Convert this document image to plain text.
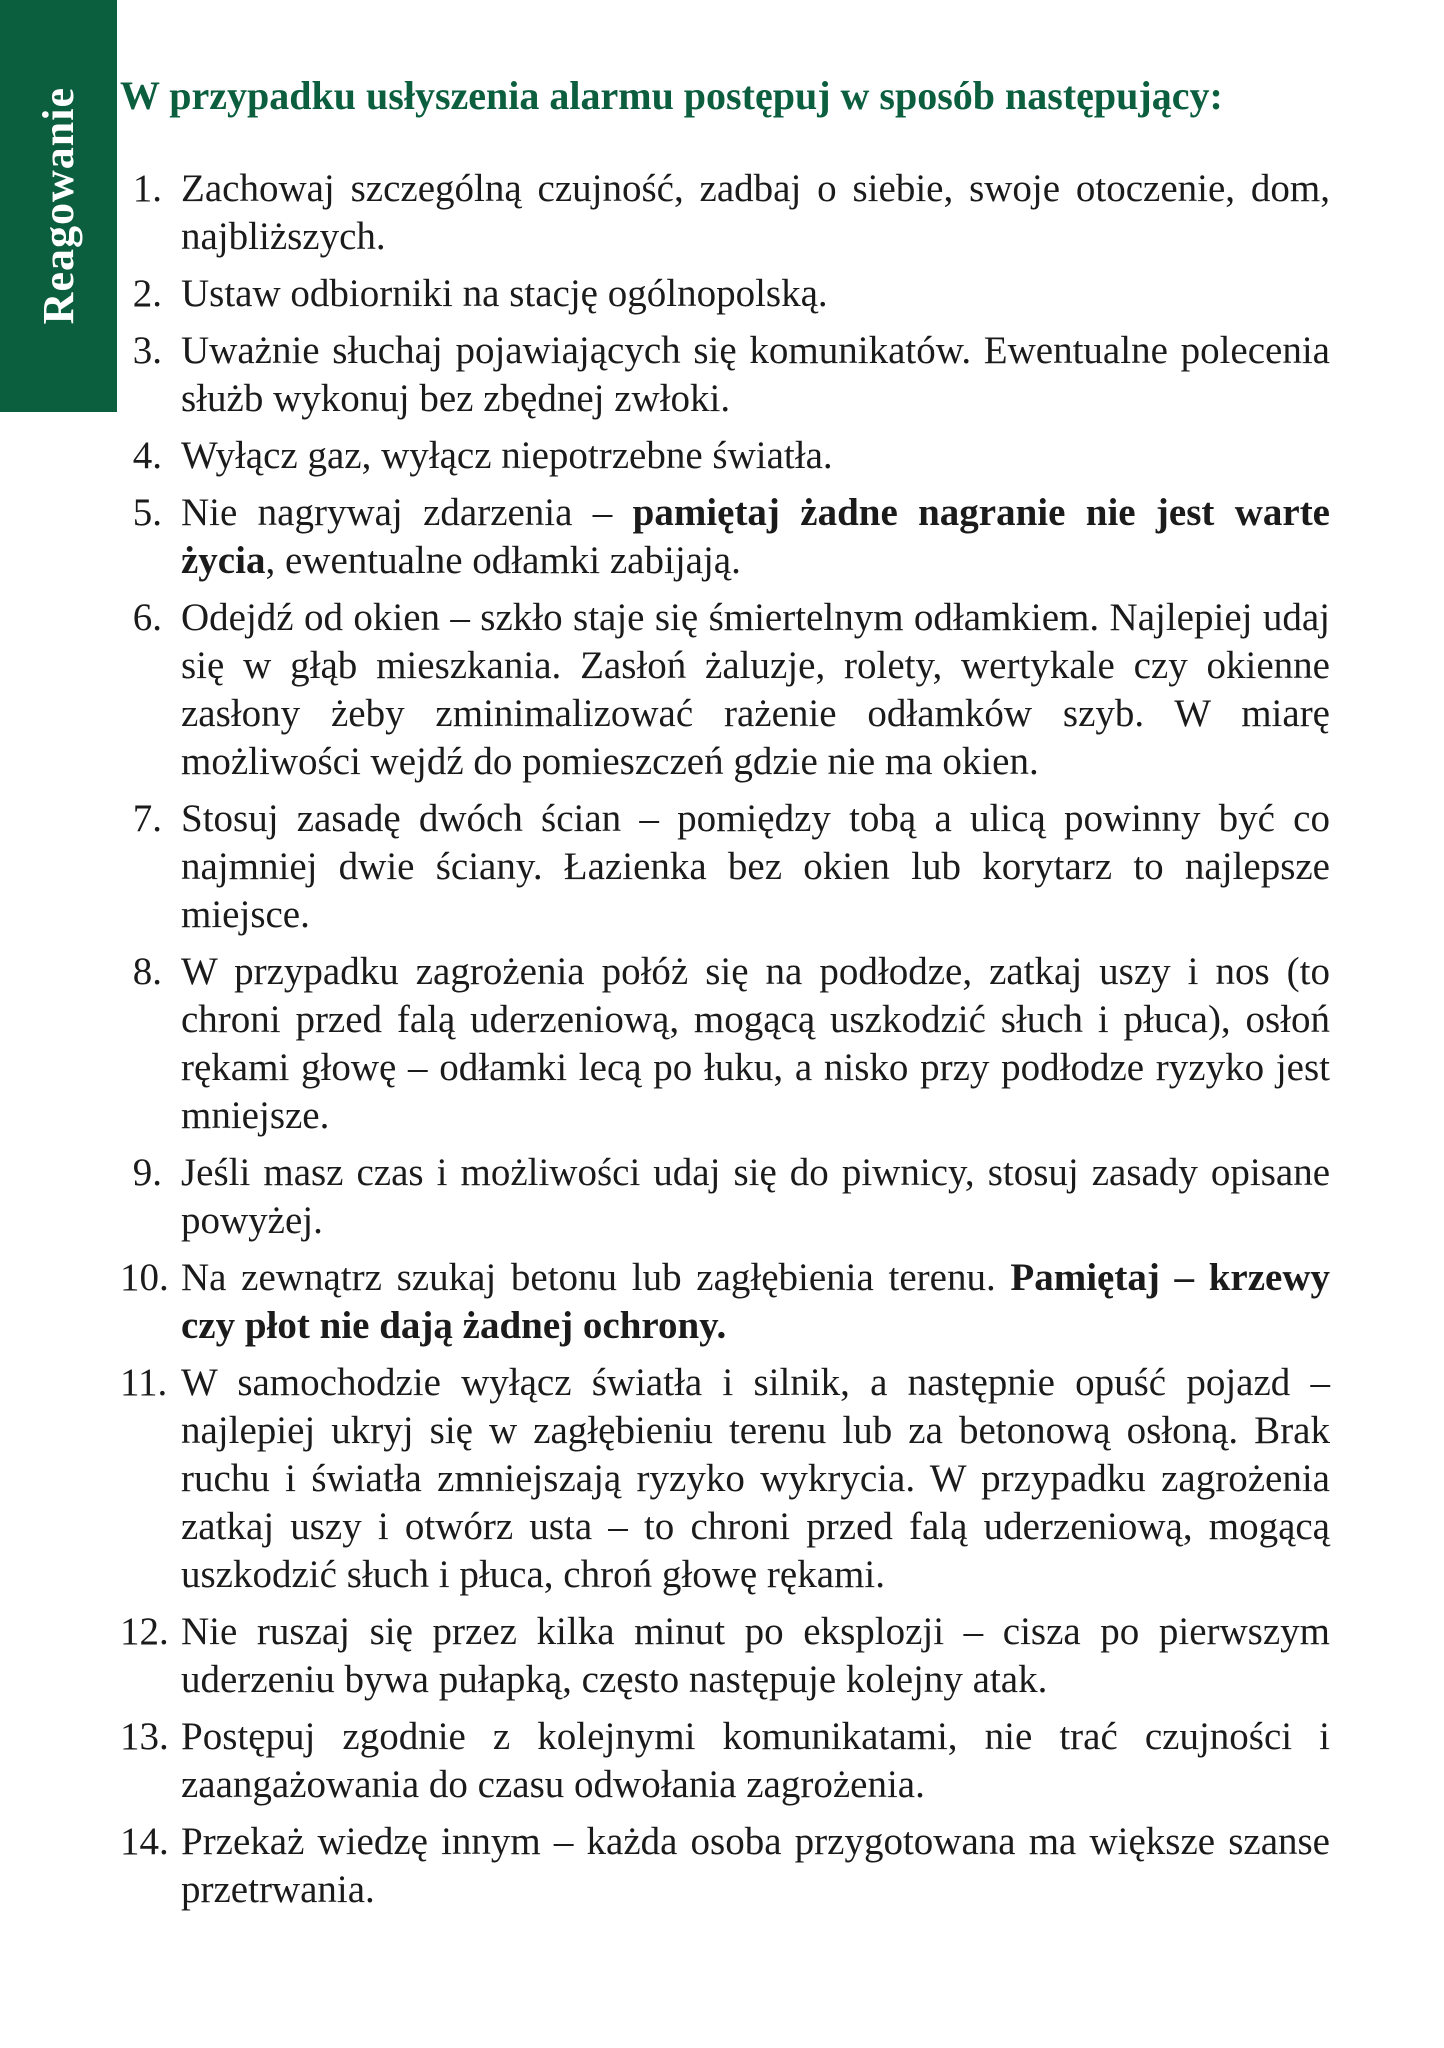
Reagowanie W przypadku usłyszenia alarmu postępuj w sposób następujący:
1. Zachowaj szczególną czujność, zadbaj o siebie, swoje otoczenie, dom, najbliższych.
2. Ustaw odbiorniki na stację ogólnopolską.
3. Uważnie słuchaj pojawiających się komunikatów. Ewentualne polecenia służb wykonuj bez zbędnej zwłoki.
4. Wyłącz gaz, wyłącz niepotrzebne światła.
5. Nie nagrywaj zdarzenia – pamiętaj żadne nagranie nie jest warte życia, ewentualne odłamki zabijają.
6. Odejdź od okien – szkło staje się śmiertelnym odłamkiem. Najlepiej udaj się w głąb mieszkania. Zasłoń żaluzje, rolety, wertykale czy okienne zasłony żeby zminimalizować rażenie odłamków szyb. W miarę możliwości wejdź do pomieszczeń gdzie nie ma okien.
7. Stosuj zasadę dwóch ścian – pomiędzy tobą a ulicą powinny być co najmniej dwie ściany. Łazienka bez okien lub korytarz to najlepsze miejsce.
8. W przypadku zagrożenia połóż się na podłodze, zatkaj uszy i nos (to chroni przed falą uderzeniową, mogącą uszkodzić słuch i płuca), osłoń rękami głowę – odłamki lecą po łuku, a nisko przy podłodze ryzyko jest mniejsze.
9. Jeśli masz czas i możliwości udaj się do piwnicy, stosuj zasady opisane powyżej.
10. Na zewnątrz szukaj betonu lub zagłębienia terenu. Pamiętaj – krzewy czy płot nie dają żadnej ochrony.
11. W samochodzie wyłącz światła i silnik, a następnie opuść pojazd – najlepiej ukryj się w zagłębieniu terenu lub za betonową osłoną. Brak ruchu i światła zmniejszają ryzyko wykrycia. W przypadku zagrożenia zatkaj uszy i otwórz usta – to chroni przed falą uderzeniową, mogącą uszkodzić słuch i płuca, chroń głowę rękami.
12. Nie ruszaj się przez kilka minut po eksplozji – cisza po pierwszym uderzeniu bywa pułapką, często następuje kolejny atak.
13. Postępuj zgodnie z kolejnymi komunikatami, nie trać czujności i zaangażowania do czasu odwołania zagrożenia.
14. Przekaż wiedzę innym – każda osoba przygotowana ma większe szanse przetrwania.
